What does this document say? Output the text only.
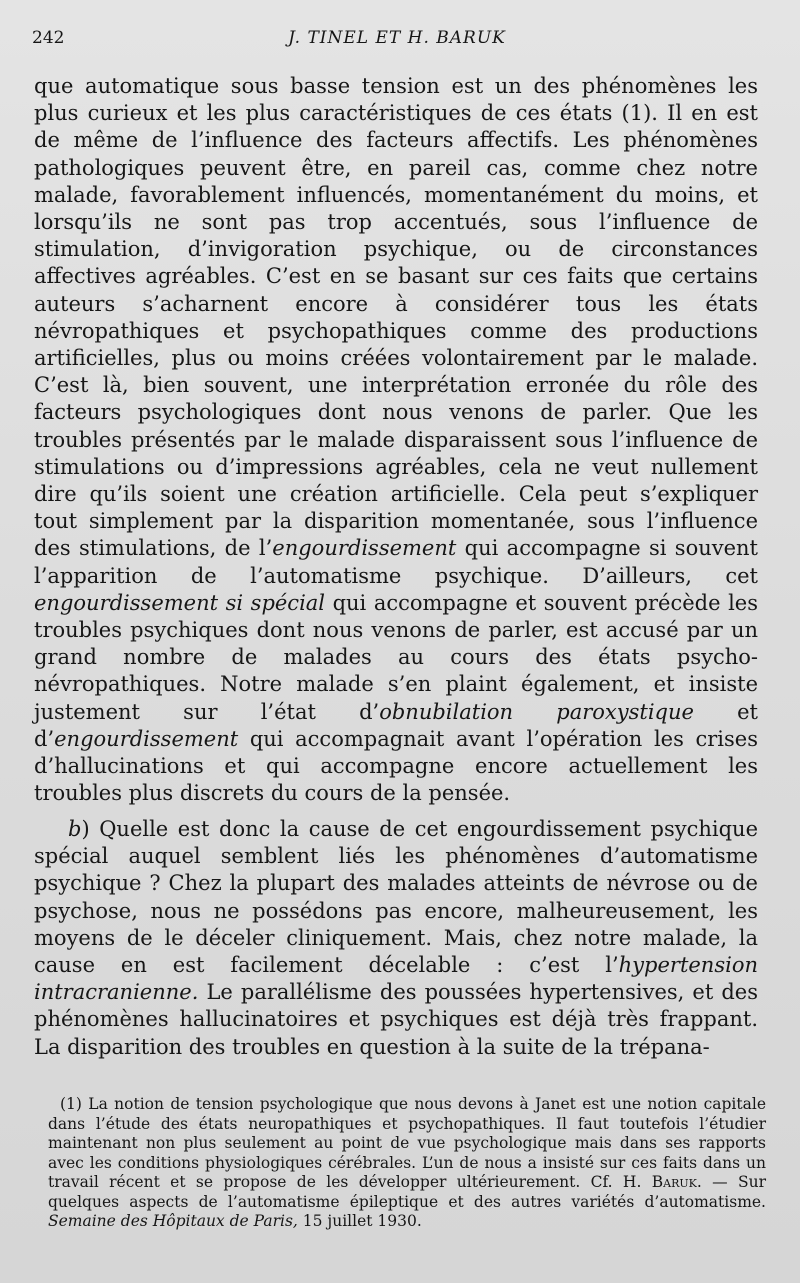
242	J. TINEL ET H. BARUK

que automatique sous basse tension est un des phénomènes les plus curieux et les plus caractéristiques de ces états (1). Il en est de même de l’influence des facteurs affectifs. Les phénomènes pathologiques peuvent être, en pareil cas, comme chez notre malade, favorablement influencés, momentanément du moins, et lorsqu’ils ne sont pas trop accentués, sous l’influence de stimulation, d’invigoration psychique, ou de circonstances affectives agréables. C’est en se basant sur ces faits que certains auteurs s’acharnent encore à considérer tous les états névropathiques et psychopathiques comme des productions artificielles, plus ou moins créées volontairement par le malade. C’est là, bien souvent, une interprétation erronée du rôle des facteurs psychologiques dont nous venons de parler. Que les troubles présentés par le malade disparaissent sous l’influence de stimulations ou d’impressions agréables, cela ne veut nullement dire qu’ils soient une création artificielle. Cela peut s’expliquer tout simplement par la disparition momentanée, sous l’influence des stimulations, de l’engourdissement qui accompagne si souvent l’apparition de l’automatisme psychique. D’ailleurs, cet engourdissement si spécial qui accompagne et souvent précède les troubles psychiques dont nous venons de parler, est accusé par un grand nombre de malades au cours des états psycho-névropathiques. Notre malade s’en plaint également, et insiste justement sur l’état d’obnubilation paroxystique et d’engourdissement qui accompagnait avant l’opération les crises d’hallucinations et qui accompagne encore actuellement les troubles plus discrets du cours de la pensée.

b) Quelle est donc la cause de cet engourdissement psychique spécial auquel semblent liés les phénomènes d’automatisme psychique ? Chez la plupart des malades atteints de névrose ou de psychose, nous ne possédons pas encore, malheureusement, les moyens de le déceler cliniquement. Mais, chez notre malade, la cause en est facilement décelable : c’est l’hypertension intracranienne. Le parallélisme des poussées hypertensives, et des phénomènes hallucinatoires et psychiques est déjà très frappant. La disparition des troubles en question à la suite de la trépana-

(1) La notion de tension psychologique que nous devons à Janet est une notion capitale dans l’étude des états neuropathiques et psychopathiques. Il faut toutefois l’étudier maintenant non plus seulement au point de vue psychologique mais dans ses rapports avec les conditions physiologiques cérébrales. L’un de nous a insisté sur ces faits dans un travail récent et se propose de les développer ultérieurement. Cf. H. Baruk. — Sur quelques aspects de l’automatisme épileptique et des autres variétés d’automatisme. Semaine des Hôpitaux de Paris, 15 juillet 1930.
